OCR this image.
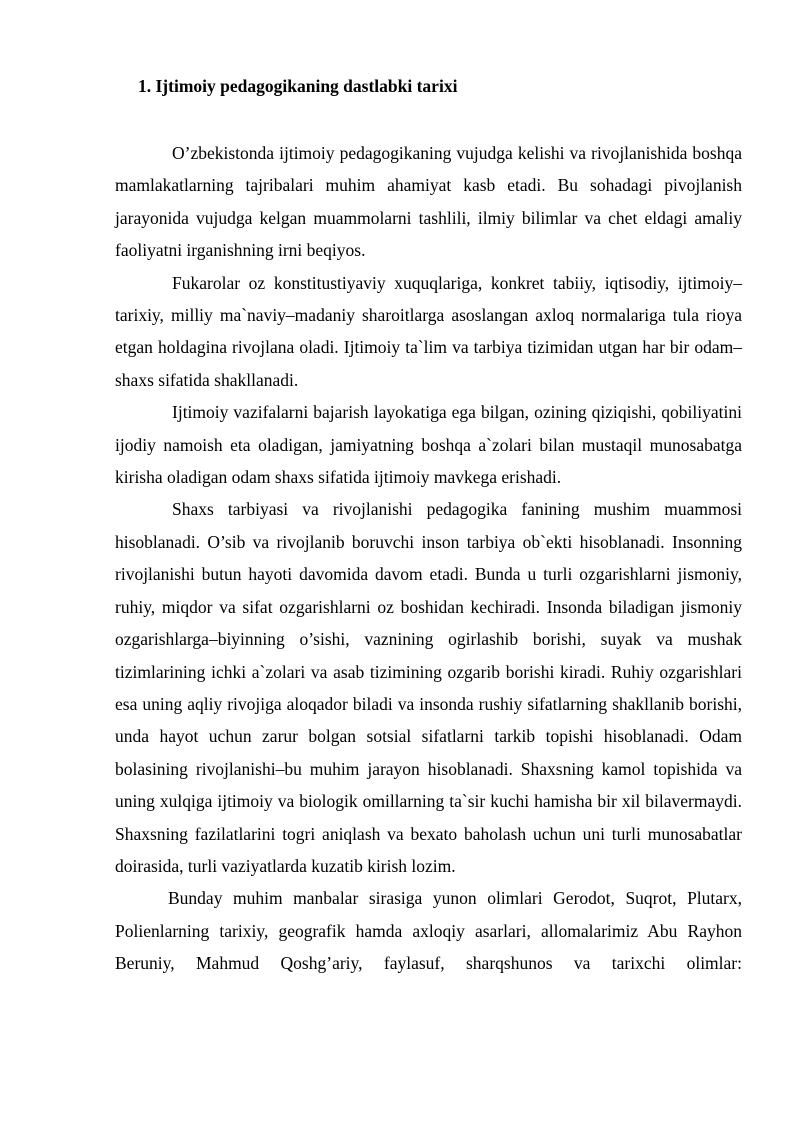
1. Ijtimoiy pedagogikaning dastlabki tarixi

O’zbekistonda ijtimoiy pedagogikaning vujudga kelishi va rivojlanishida boshqa mamlakatlarning tajribalari muhim ahamiyat kasb etadi. Bu sohadagi pivojlanish jarayonida vujudga kelgan muammolarni tashlili, ilmiy bilimlar va chet eldagi amaliy faoliyatni irganishning irni beqiyos.

Fukarolar oz konstitustiyaviy xuquqlariga, konkret tabiiy, iqtisodiy, ijtimoiy–tarixiy, milliy ma`naviy–madaniy sharoitlarga asoslangan axloq normalariga tula rioya etgan holdagina rivojlana oladi. Ijtimoiy ta`lim va tarbiya tizimidan utgan har bir odam–shaxs sifatida shakllanadi.

Ijtimoiy vazifalarni bajarish layokatiga ega bilgan, ozining qiziqishi, qobiliyatini ijodiy namoish eta oladigan, jamiyatning boshqa a`zolari bilan mustaqil munosabatga kirisha oladigan odam shaxs sifatida ijtimoiy mavkega erishadi.

Shaxs tarbiyasi va rivojlanishi pedagogika fanining mushim muammosi hisoblanadi. O’sib va rivojlanib boruvchi inson tarbiya ob`ekti hisoblanadi. Insonning rivojlanishi butun hayoti davomida davom etadi. Bunda u turli ozgarishlarni jismoniy, ruhiy, miqdor va sifat ozgarishlarni oz boshidan kechiradi. Insonda biladigan jismoniy ozgarishlarga–biyinning o’sishi, vaznining ogirlashib borishi, suyak va mushak tizimlarining ichki a`zolari va asab tizimining ozgarib borishi kiradi. Ruhiy ozgarishlari esa uning aqliy rivojiga aloqador biladi va insonda rushiy sifatlarning shakllanib borishi, unda hayot uchun zarur bolgan sotsial sifatlarni tarkib topishi hisoblanadi. Odam bolasining rivojlanishi–bu muhim jarayon hisoblanadi. Shaxsning kamol topishida va uning xulqiga ijtimoiy va biologik omillarning ta`sir kuchi hamisha bir xil bilavermaydi. Shaxsning fazilatlarini togri aniqlash va bexato baholash uchun uni turli munosabatlar doirasida, turli vaziyatlarda kuzatib kirish lozim.

Bunday muhim manbalar sirasiga yunon olimlari Gerodot, Suqrot, Plutarx, Polienlarning tarixiy, geografik hamda axloqiy asarlari, allomalarimiz Abu Rayhon Beruniy, Mahmud Qoshg’ariy, faylasuf, sharqshunos va tarixchi olimlar:
